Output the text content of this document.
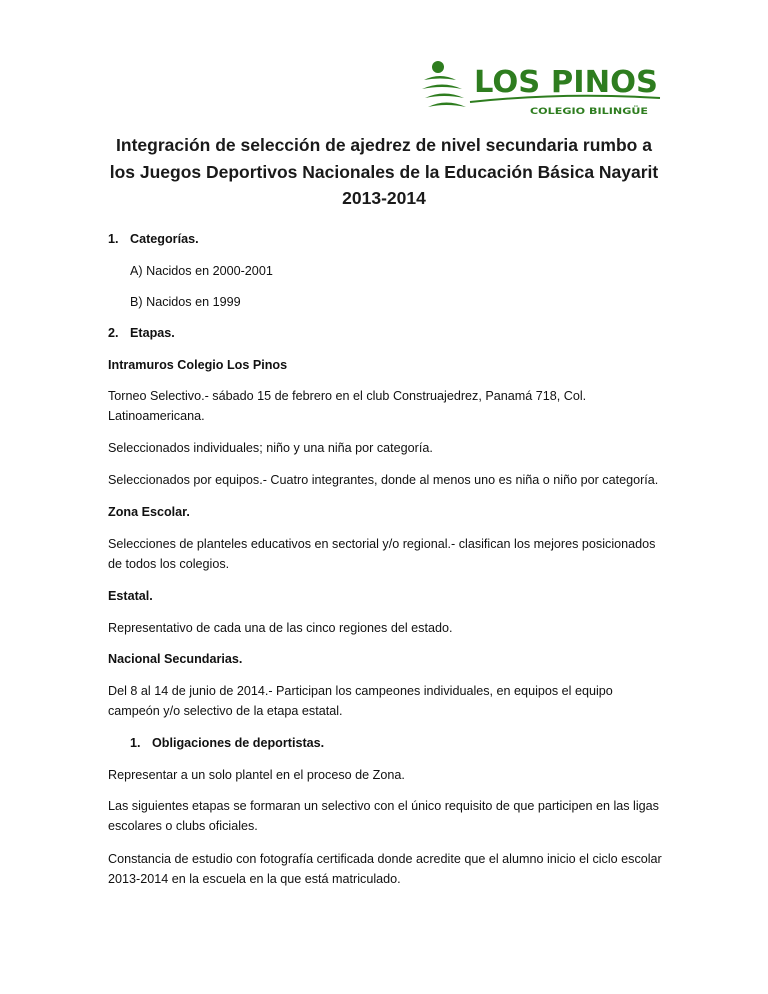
LOS PINOS
COLEGIO BILINGÜE
Integración de selección de ajedrez de nivel secundaria rumbo a
los Juegos Deportivos Nacionales de la Educación Básica Nayarit
2013-2014
1. Categorías.
A) Nacidos en 2000-2001
B) Nacidos en 1999
2. Etapas.
Intramuros Colegio Los Pinos
Torneo Selectivo.- sábado 15 de febrero en el club Construajedrez, Panamá 718, Col. Latinoamericana.
Seleccionados individuales; niño y una niña por categoría.
Seleccionados por equipos.- Cuatro integrantes, donde al menos uno es niña o niño por categoría.
Zona Escolar.
Selecciones de planteles educativos en sectorial y/o regional.- clasifican los mejores posicionados de todos los colegios.
Estatal.
Representativo de cada una de las cinco regiones del estado.
Nacional Secundarias.
Del 8 al 14 de junio de 2014.- Participan los campeones individuales, en equipos el equipo campeón y/o selectivo de la etapa estatal.
1. Obligaciones de deportistas.
Representar a un solo plantel en el proceso de Zona.
Las siguientes etapas se formaran un selectivo con el único requisito de que participen en las ligas escolares o clubs oficiales.
Constancia de estudio con fotografía certificada donde acredite que el alumno inicio el ciclo escolar 2013-2014 en la escuela en la que está matriculado.
